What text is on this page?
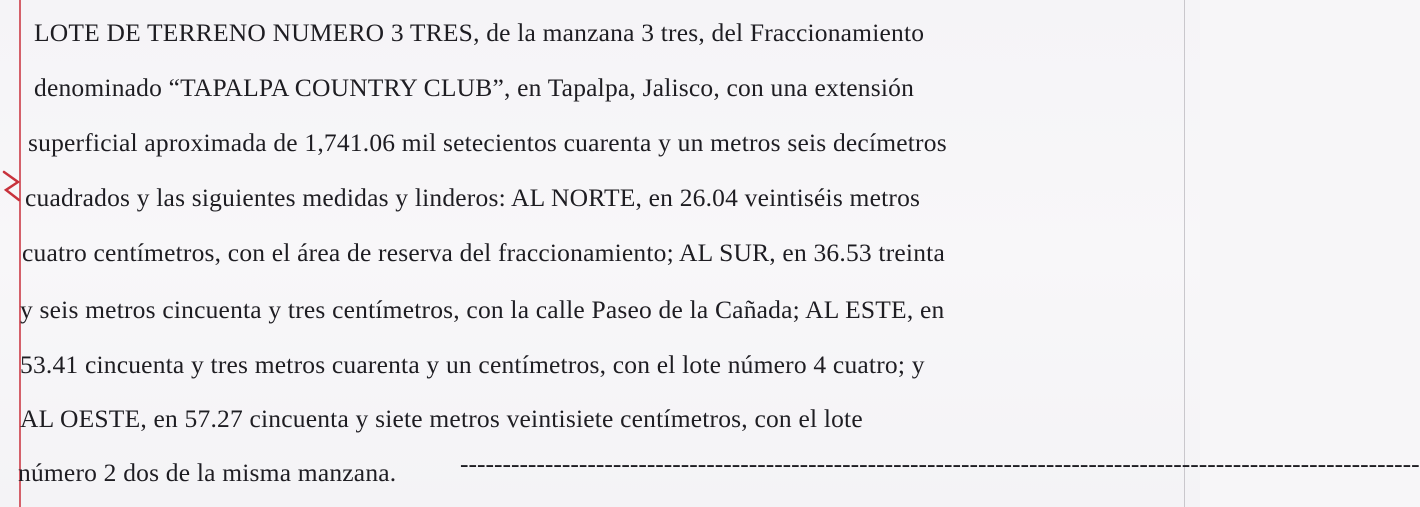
LOTE DE TERRENO NUMERO 3 TRES, de la manzana 3 tres, del Fraccionamiento
denominado “TAPALPA COUNTRY CLUB”, en Tapalpa, Jalisco, con una extensión
superficial aproximada de 1,741.06 mil setecientos cuarenta y un metros seis decímetros
cuadrados y las siguientes medidas y linderos: AL NORTE, en 26.04 veintiséis metros
cuatro centímetros, con el área de reserva del fraccionamiento; AL SUR, en 36.53 treinta
y seis metros cincuenta y tres centímetros, con la calle Paseo de la Cañada; AL ESTE, en
53.41 cincuenta y tres metros cuarenta y un centímetros, con el lote número 4 cuatro; y
AL OESTE, en 57.27 cincuenta y siete metros veintisiete centímetros, con el lote
número 2 dos de la misma manzana. -----------------------------------------------------------------------------------------------------------------
